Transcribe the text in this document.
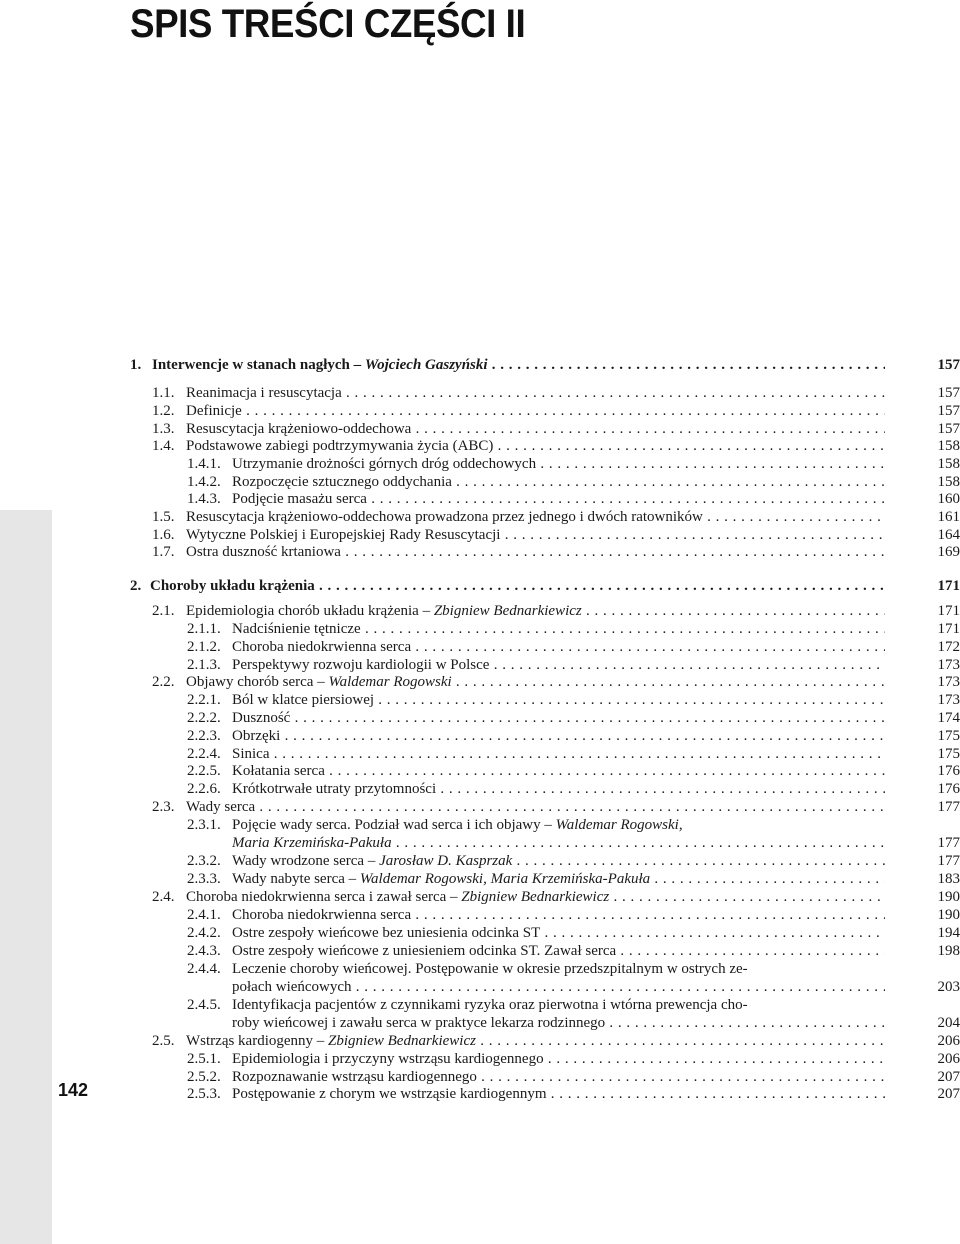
SPIS TREŚCI CZĘŚCI II
142
1. Interwencje w stanach nagłych – Wojciech Gaszyński . . .	157
1.1. Reanimacja i resuscytacja . . .	157
1.2. Definicje . . .	157
1.3. Resuscytacja krążeniowo-oddechowa . . .	157
1.4. Podstawowe zabiegi podtrzymywania życia (ABC) . . .	158
1.4.1. Utrzymanie drożności górnych dróg oddechowych . . .	158
1.4.2. Rozpoczęcie sztucznego oddychania . . .	158
1.4.3. Podjęcie masażu serca . . .	160
1.5. Resuscytacja krążeniowo-oddechowa prowadzona przez jednego i dwóch ratowników . . .	161
1.6. Wytyczne Polskiej i Europejskiej Rady Resuscytacji . . .	164
1.7. Ostra duszność krtaniowa . . .	169
2. Choroby układu krążenia . . .	171
2.1. Epidemiologia chorób układu krążenia – Zbigniew Bednarkiewicz . . .	171
2.1.1. Nadciśnienie tętnicze . . .	171
2.1.2. Choroba niedokrwienna serca . . .	172
2.1.3. Perspektywy rozwoju kardiologii w Polsce . . .	173
2.2. Objawy chorób serca – Waldemar Rogowski . . .	173
2.2.1. Ból w klatce piersiowej . . .	173
2.2.2. Duszność . . .	174
2.2.3. Obrzęki . . .	175
2.2.4. Sinica . . .	175
2.2.5. Kołatania serca . . .	176
2.2.6. Krótkotrwałe utraty przytomności . . .	176
2.3. Wady serca . . .	177
2.3.1. Pojęcie wady serca. Podział wad serca i ich objawy – Waldemar Rogowski,
Maria Krzemińska-Pakuła . . .	177
2.3.2. Wady wrodzone serca – Jarosław D. Kasprzak . . .	177
2.3.3. Wady nabyte serca – Waldemar Rogowski, Maria Krzemińska-Pakuła . . .	183
2.4. Choroba niedokrwienna serca i zawał serca – Zbigniew Bednarkiewicz . . .	190
2.4.1. Choroba niedokrwienna serca . . .	190
2.4.2. Ostre zespoły wieńcowe bez uniesienia odcinka ST . . .	194
2.4.3. Ostre zespoły wieńcowe z uniesieniem odcinka ST. Zawał serca . . .	198
2.4.4. Leczenie choroby wieńcowej. Postępowanie w okresie przedszpitalnym w ostrych ze-
połach wieńcowych . . .	203
2.4.5. Identyfikacja pacjentów z czynnikami ryzyka oraz pierwotna i wtórna prewencja cho-
roby wieńcowej i zawału serca w praktyce lekarza rodzinnego . . .	204
2.5. Wstrząs kardiogenny – Zbigniew Bednarkiewicz . . .	206
2.5.1. Epidemiologia i przyczyny wstrząsu kardiogennego . . .	206
2.5.2. Rozpoznawanie wstrząsu kardiogennego . . .	207
2.5.3. Postępowanie z chorym we wstrząsie kardiogennym . . .	207
